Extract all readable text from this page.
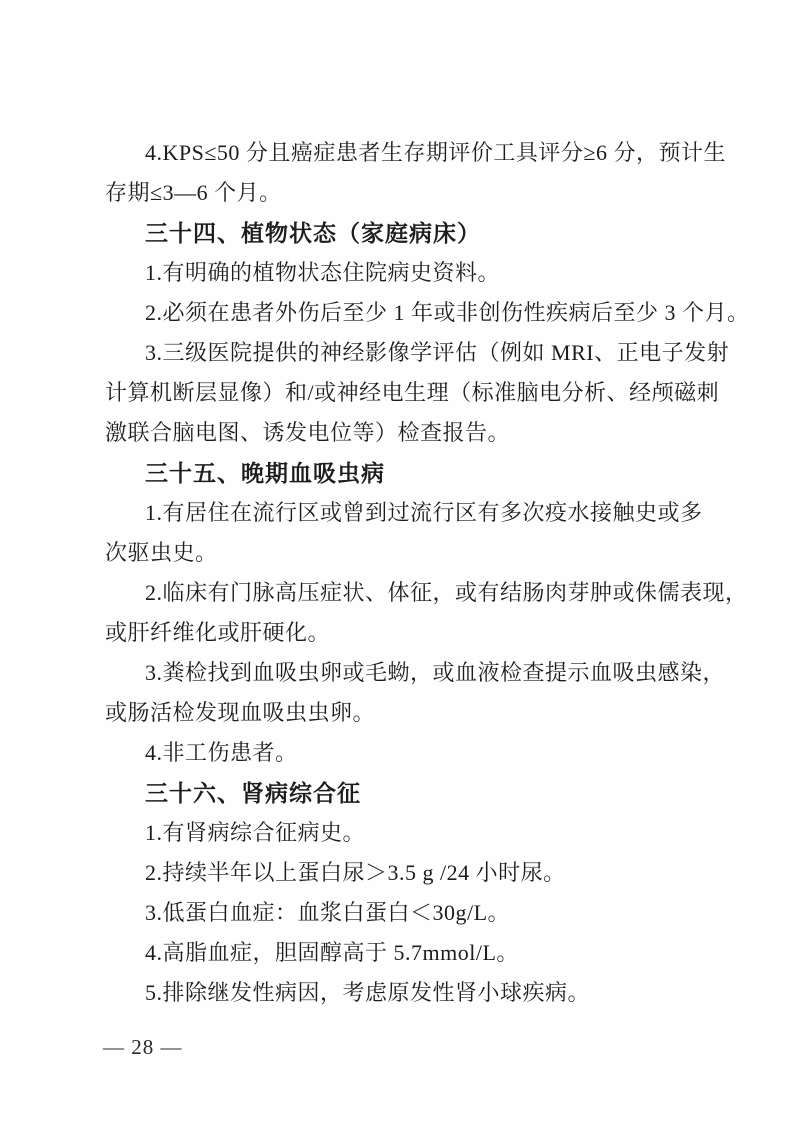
4.KPS≤50 分且癌症患者生存期评价工具评分≥6 分，预计生
存期≤3—6 个月。
三十四、植物状态（家庭病床）
1.有明确的植物状态住院病史资料。
2.必须在患者外伤后至少 1 年或非创伤性疾病后至少 3 个月。
3.三级医院提供的神经影像学评估（例如 MRI、正电子发射
计算机断层显像）和/或神经电生理（标准脑电分析、经颅磁刺
激联合脑电图、诱发电位等）检查报告。
三十五、晚期血吸虫病
1.有居住在流行区或曾到过流行区有多次疫水接触史或多
次驱虫史。
2.临床有门脉高压症状、体征，或有结肠肉芽肿或侏儒表现，
或肝纤维化或肝硬化。
3.粪检找到血吸虫卵或毛蚴，或血液检查提示血吸虫感染，
或肠活检发现血吸虫虫卵。
4.非工伤患者。
三十六、肾病综合征
1.有肾病综合征病史。
2.持续半年以上蛋白尿＞3.5 g /24 小时尿。
3.低蛋白血症：血浆白蛋白＜30g/L。
4.高脂血症，胆固醇高于 5.7mmol/L。
5.排除继发性病因，考虑原发性肾小球疾病。
— 28 —
